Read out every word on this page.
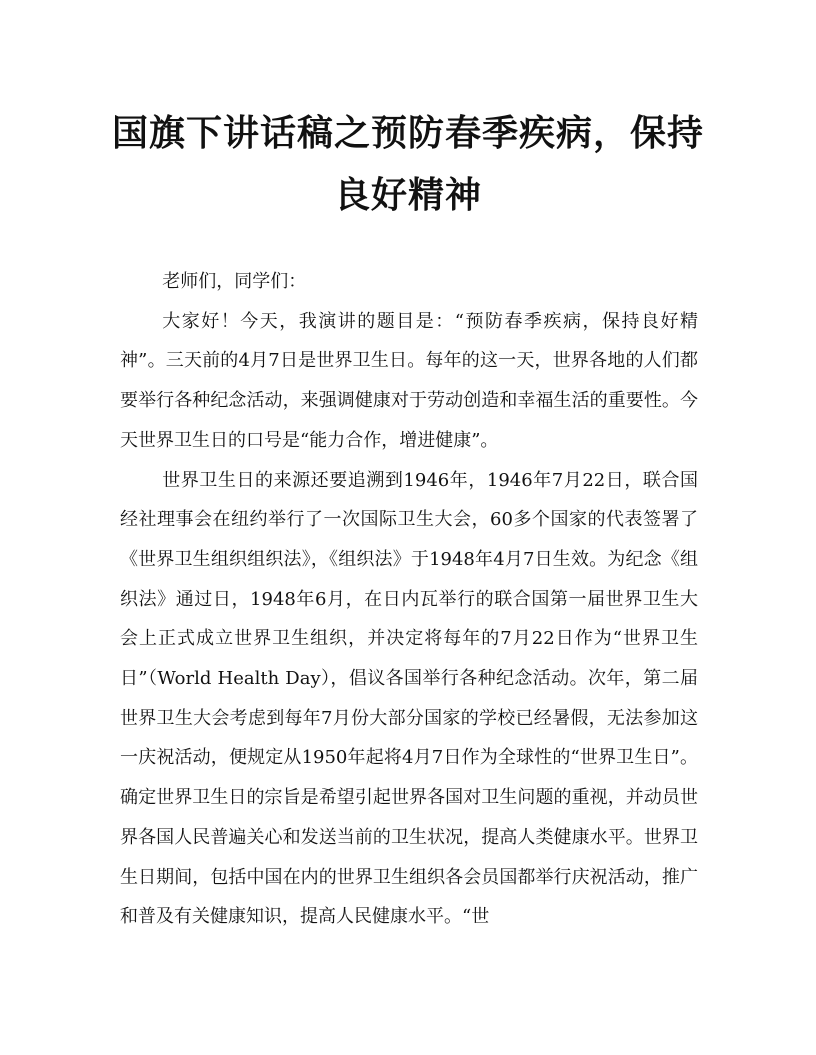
国旗下讲话稿之预防春季疾病，保持良好精神

老师们，同学们：

大家好！今天，我演讲的题目是：“预防春季疾病，保持良好精神”。三天前的4月7日是世界卫生日。每年的这一天，世界各地的人们都要举行各种纪念活动，来强调健康对于劳动创造和幸福生活的重要性。今天世界卫生日的口号是“能力合作，增进健康”。

世界卫生日的来源还要追溯到1946年，1946年7月22日，联合国经社理事会在纽约举行了一次国际卫生大会，60多个国家的代表签署了《世界卫生组织组织法》，《组织法》于1948年4月7日生效。为纪念《组织法》通过日，1948年6月，在日内瓦举行的联合国第一届世界卫生大会上正式成立世界卫生组织，并决定将每年的7月22日作为“世界卫生日”（World Health Day），倡议各国举行各种纪念活动。次年，第二届世界卫生大会考虑到每年7月份大部分国家的学校已经暑假，无法参加这一庆祝活动，便规定从1950年起将4月7日作为全球性的“世界卫生日”。确定世界卫生日的宗旨是希望引起世界各国对卫生问题的重视，并动员世界各国人民普遍关心和发送当前的卫生状况，提高人类健康水平。世界卫生日期间，包括中国在内的世界卫生组织各会员国都举行庆祝活动，推广和普及有关健康知识，提高人民健康水平。“世
